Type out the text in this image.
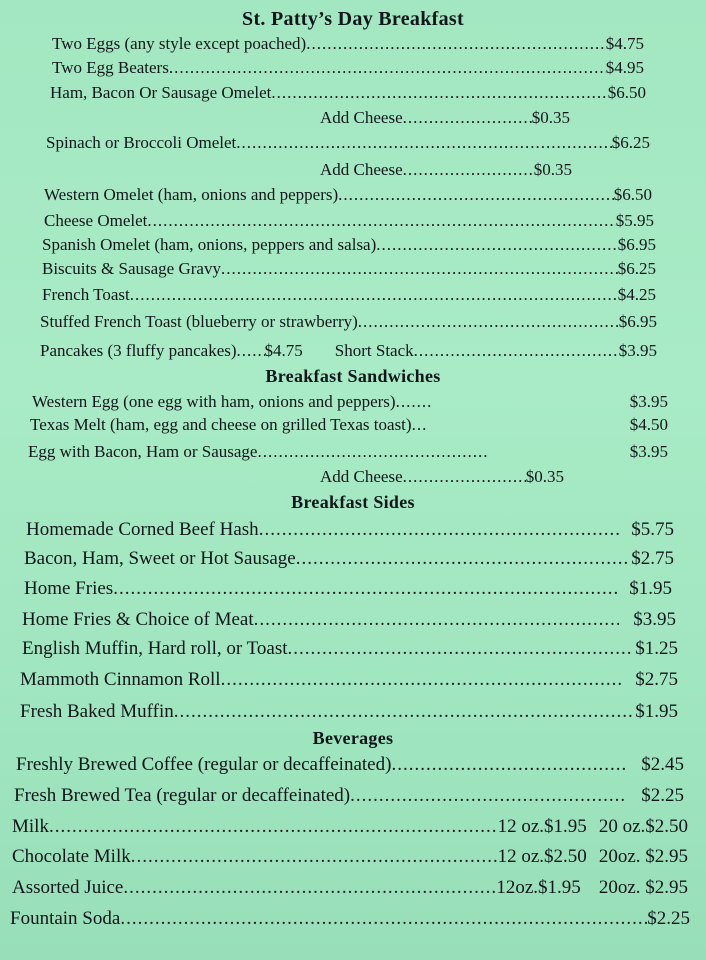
St. Patty’s Day Breakfast
Two Eggs (any style except poached) .....	$4.75
Two Egg Beaters .....	$4.95
Ham, Bacon Or Sausage Omelet .....	$6.50
Add Cheese .....	$0.35
Spinach or Broccoli Omelet .....	$6.25
Add Cheese .....	$0.35
Western Omelet (ham, onions and peppers) .....	$6.50
Cheese Omelet .....	$5.95
Spanish Omelet (ham, onions, peppers and salsa) .....	$6.95
Biscuits & Sausage Gravy .....	$6.25
French Toast .....	$4.25
Stuffed French Toast (blueberry or strawberry) .....	$6.95
Pancakes (3 fluffy pancakes) ..... $4.75 Short Stack .....	$3.95
Breakfast Sandwiches
Western Egg (one egg with ham, onions and peppers) .....	$3.95
Texas Melt (ham, egg and cheese on grilled Texas toast) .....	$4.50
Egg with Bacon, Ham or Sausage .....	$3.95
Add Cheese .....	$0.35
Breakfast Sides
Homemade Corned Beef Hash .....	$5.75
Bacon, Ham, Sweet or Hot Sausage .....	$2.75
Home Fries .....	$1.95
Home Fries & Choice of Meat .....	$3.95
English Muffin, Hard roll, or Toast .....	$1.25
Mammoth Cinnamon Roll .....	$2.75
Fresh Baked Muffin .....	$1.95
Beverages
Freshly Brewed Coffee (regular or decaffeinated) .....	$2.45
Fresh Brewed Tea (regular or decaffeinated) .....	$2.25
Milk .....	12 oz.$1.95 20 oz.$2.50
Chocolate Milk .....	12 oz.$2.50 20oz. $2.95
Assorted Juice .....	12oz.$1.95 20oz. $2.95
Fountain Soda .....	$2.25
